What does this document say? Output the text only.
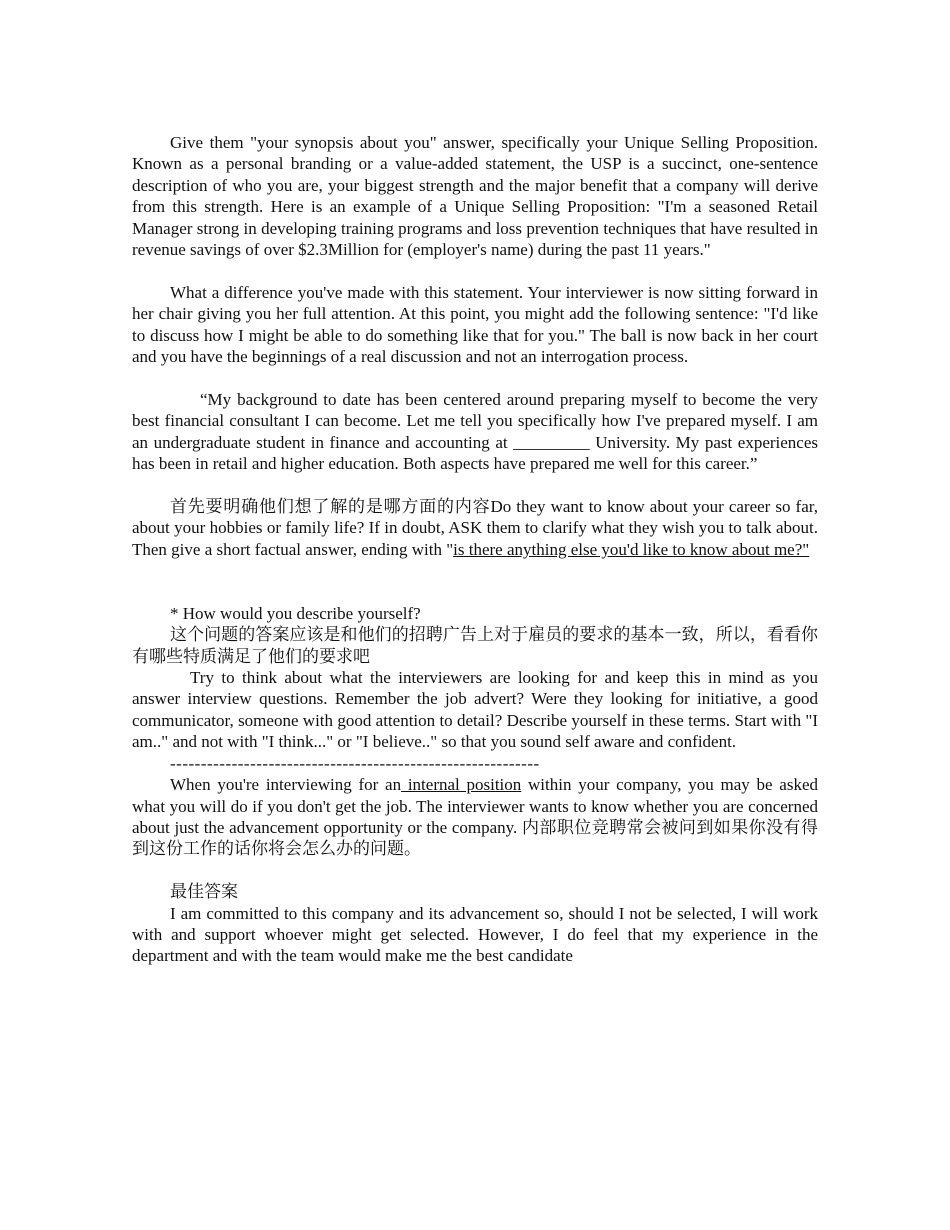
Give them "your synopsis about you" answer, specifically your Unique Selling Proposition. Known as a personal branding or a value-added statement, the USP is a succinct, one-sentence description of who you are, your biggest strength and the major benefit that a company will derive from this strength. Here is an example of a Unique Selling Proposition: "I'm a seasoned Retail Manager strong in developing training programs and loss prevention techniques that have resulted in revenue savings of over $2.3Million for (employer's name) during the past 11 years."

What a difference you've made with this statement. Your interviewer is now sitting forward in her chair giving you her full attention. At this point, you might add the following sentence: "I'd like to discuss how I might be able to do something like that for you." The ball is now back in her court and you have the beginnings of a real discussion and not an interrogation process.

“My background to date has been centered around preparing myself to become the very best financial consultant I can become. Let me tell you specifically how I've prepared myself. I am an undergraduate student in finance and accounting at _________ University. My past experiences has been in retail and higher education. Both aspects have prepared me well for this career.”

首先要明确他们想了解的是哪方面的内容Do they want to know about your career so far, about your hobbies or family life? If in doubt, ASK them to clarify what they wish you to talk about. Then give a short factual answer, ending with "is there anything else you'd like to know about me?"

* How would you describe yourself?

这个问题的答案应该是和他们的招聘广告上对于雇员的要求的基本一致，所以，看看你有哪些特质满足了他们的要求吧

Try to think about what the interviewers are looking for and keep this in mind as you answer interview questions. Remember the job advert? Were they looking for initiative, a good communicator, someone with good attention to detail? Describe yourself in these terms. Start with "I am.." and not with "I think..." or "I believe.." so that you sound self aware and confident.

------------------------------------------------------------

When you're interviewing for an internal position within your company, you may be asked what you will do if you don't get the job. The interviewer wants to know whether you are concerned about just the advancement opportunity or the company. 内部职位竞聘常会被问到如果你没有得到这份工作的话你将会怎么办的问题。

最佳答案

I am committed to this company and its advancement so, should I not be selected, I will work with and support whoever might get selected. However, I do feel that my experience in the department and with the team would make me the best candidate
